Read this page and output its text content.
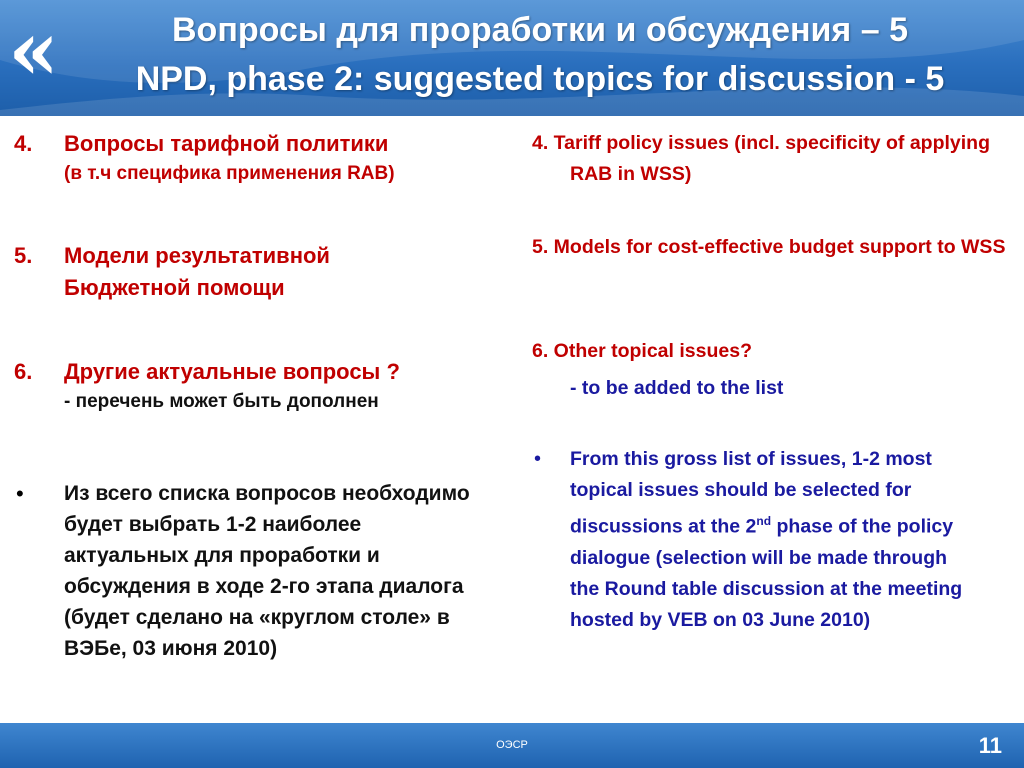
«	Вопросы для проработки и обсуждения – 5
NPD, phase 2: suggested topics for discussion - 5
4. Вопросы тарифной политики
(в т.ч специфика применения RAB)
5. Модели результативной Бюджетной помощи
6. Другие актуальные вопросы ?
- перечень может быть дополнен
• Из всего списка вопросов необходимо будет выбрать 1-2 наиболее актуальных для проработки и обсуждения в ходе 2-го этапа диалога (будет сделано на «круглом столе» в ВЭБе, 03 июня 2010)
4. Tariff policy issues (incl. specificity of applying RAB in WSS)
5. Models for cost-effective budget support to WSS
6. Other topical issues?
- to be added to the list
• From this gross list of issues, 1-2 most topical issues should be selected for discussions at the 2nd phase of the policy dialogue (selection will be made through the Round table discussion at the meeting hosted by VEB on 03 June 2010)
ОЭСР	11
